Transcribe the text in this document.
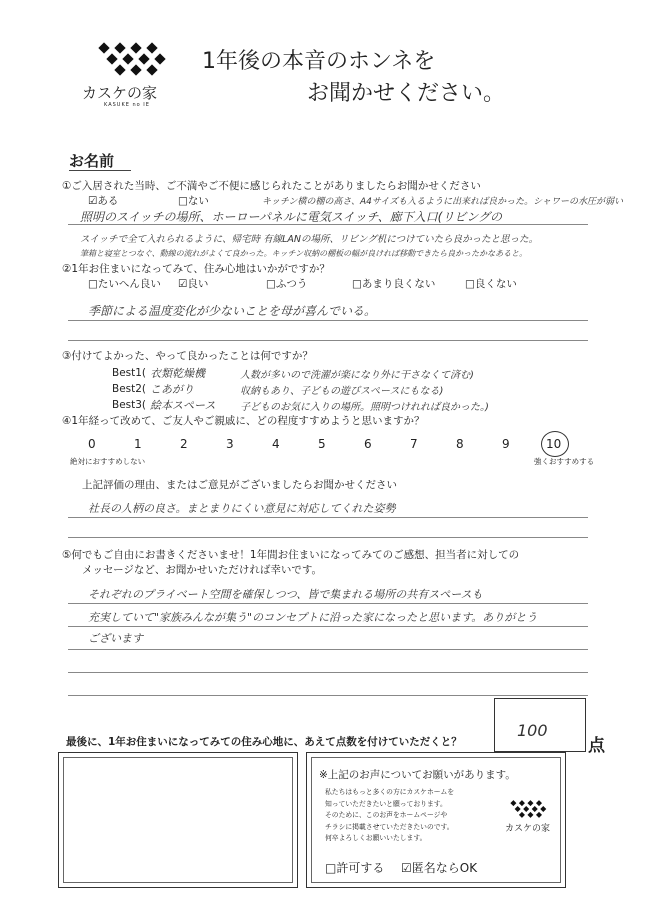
カスケの家
KASUKE no IE
1年後の本音のホンネを
お聞かせください。
お名前
①ご入居された当時、ご不満やご不便に感じられたことがありましたらお聞かせください
☑ある	□ない	キッチン横の棚の高さ、A4サイズも入るように出来れば良かった。シャワーの水圧が弱い
照明のスイッチの場所、ホーローパネルに電気スイッチ、廊下入口(リビングの
スイッチで全て入れられるように、帰宅時 有線LANの場所、リビング机につけていたら良かったと思った。
筆箱と寝室とつなぐ、動線の流れがよくて良かった。キッチン収納の棚板の幅が良ければ移動できたら良かったかなあると。
②1年お住まいになってみて、住み心地はいかがですか？
□たいへん良い ☑良い	□ふつう	□あまり良くない	□良くない
季節による温度変化が少ないことを母が喜んでいる。
③付けてよかった、やって良かったことは何ですか？
Best1( 衣類乾燥機	人数が多いので洗濯が楽になり外に干さなくて済む)
Best2( こあがり	収納もあり、子どもの遊びスペースにもなる)
Best3( 絵本スペース 子どものお気に入りの場所。照明つけれれば良かった。)
④1年経って改めて、ご友人やご親戚に、どの程度すすめようと思いますか？
0	1	2	3	4	5	6	7	8	9	10
絶対におすすめしない	強くおすすめする
上記評価の理由、またはご意見がございましたらお聞かせください
社長の人柄の良さ。まとまりにくい意見に対応してくれた姿勢
⑤何でもご自由にお書きくださいませ！1年間お住まいになってみてのご感想、担当者に対しての
メッセージなど、お聞かせいただければ幸いです。
それぞれのプライベート空間を確保しつつ、皆で集まれる場所の共有スペースも
充実していて"家族みんなが集う"のコンセプトに沿った家になったと思います。ありがとう
ございます
最後に、1年お住まいになってみての住み心地に、あえて点数を付けていただくと？
100
点
※上記のお声についてお願いがあります。
私たちはもっと多くの方にカスケホームを
知っていただきたいと願っております。
そのために、このお声をホームページや
チラシに掲載させていただきたいのです。
何卒よろしくお願いいたします。
カスケの家
□許可する ☑匿名ならOK
